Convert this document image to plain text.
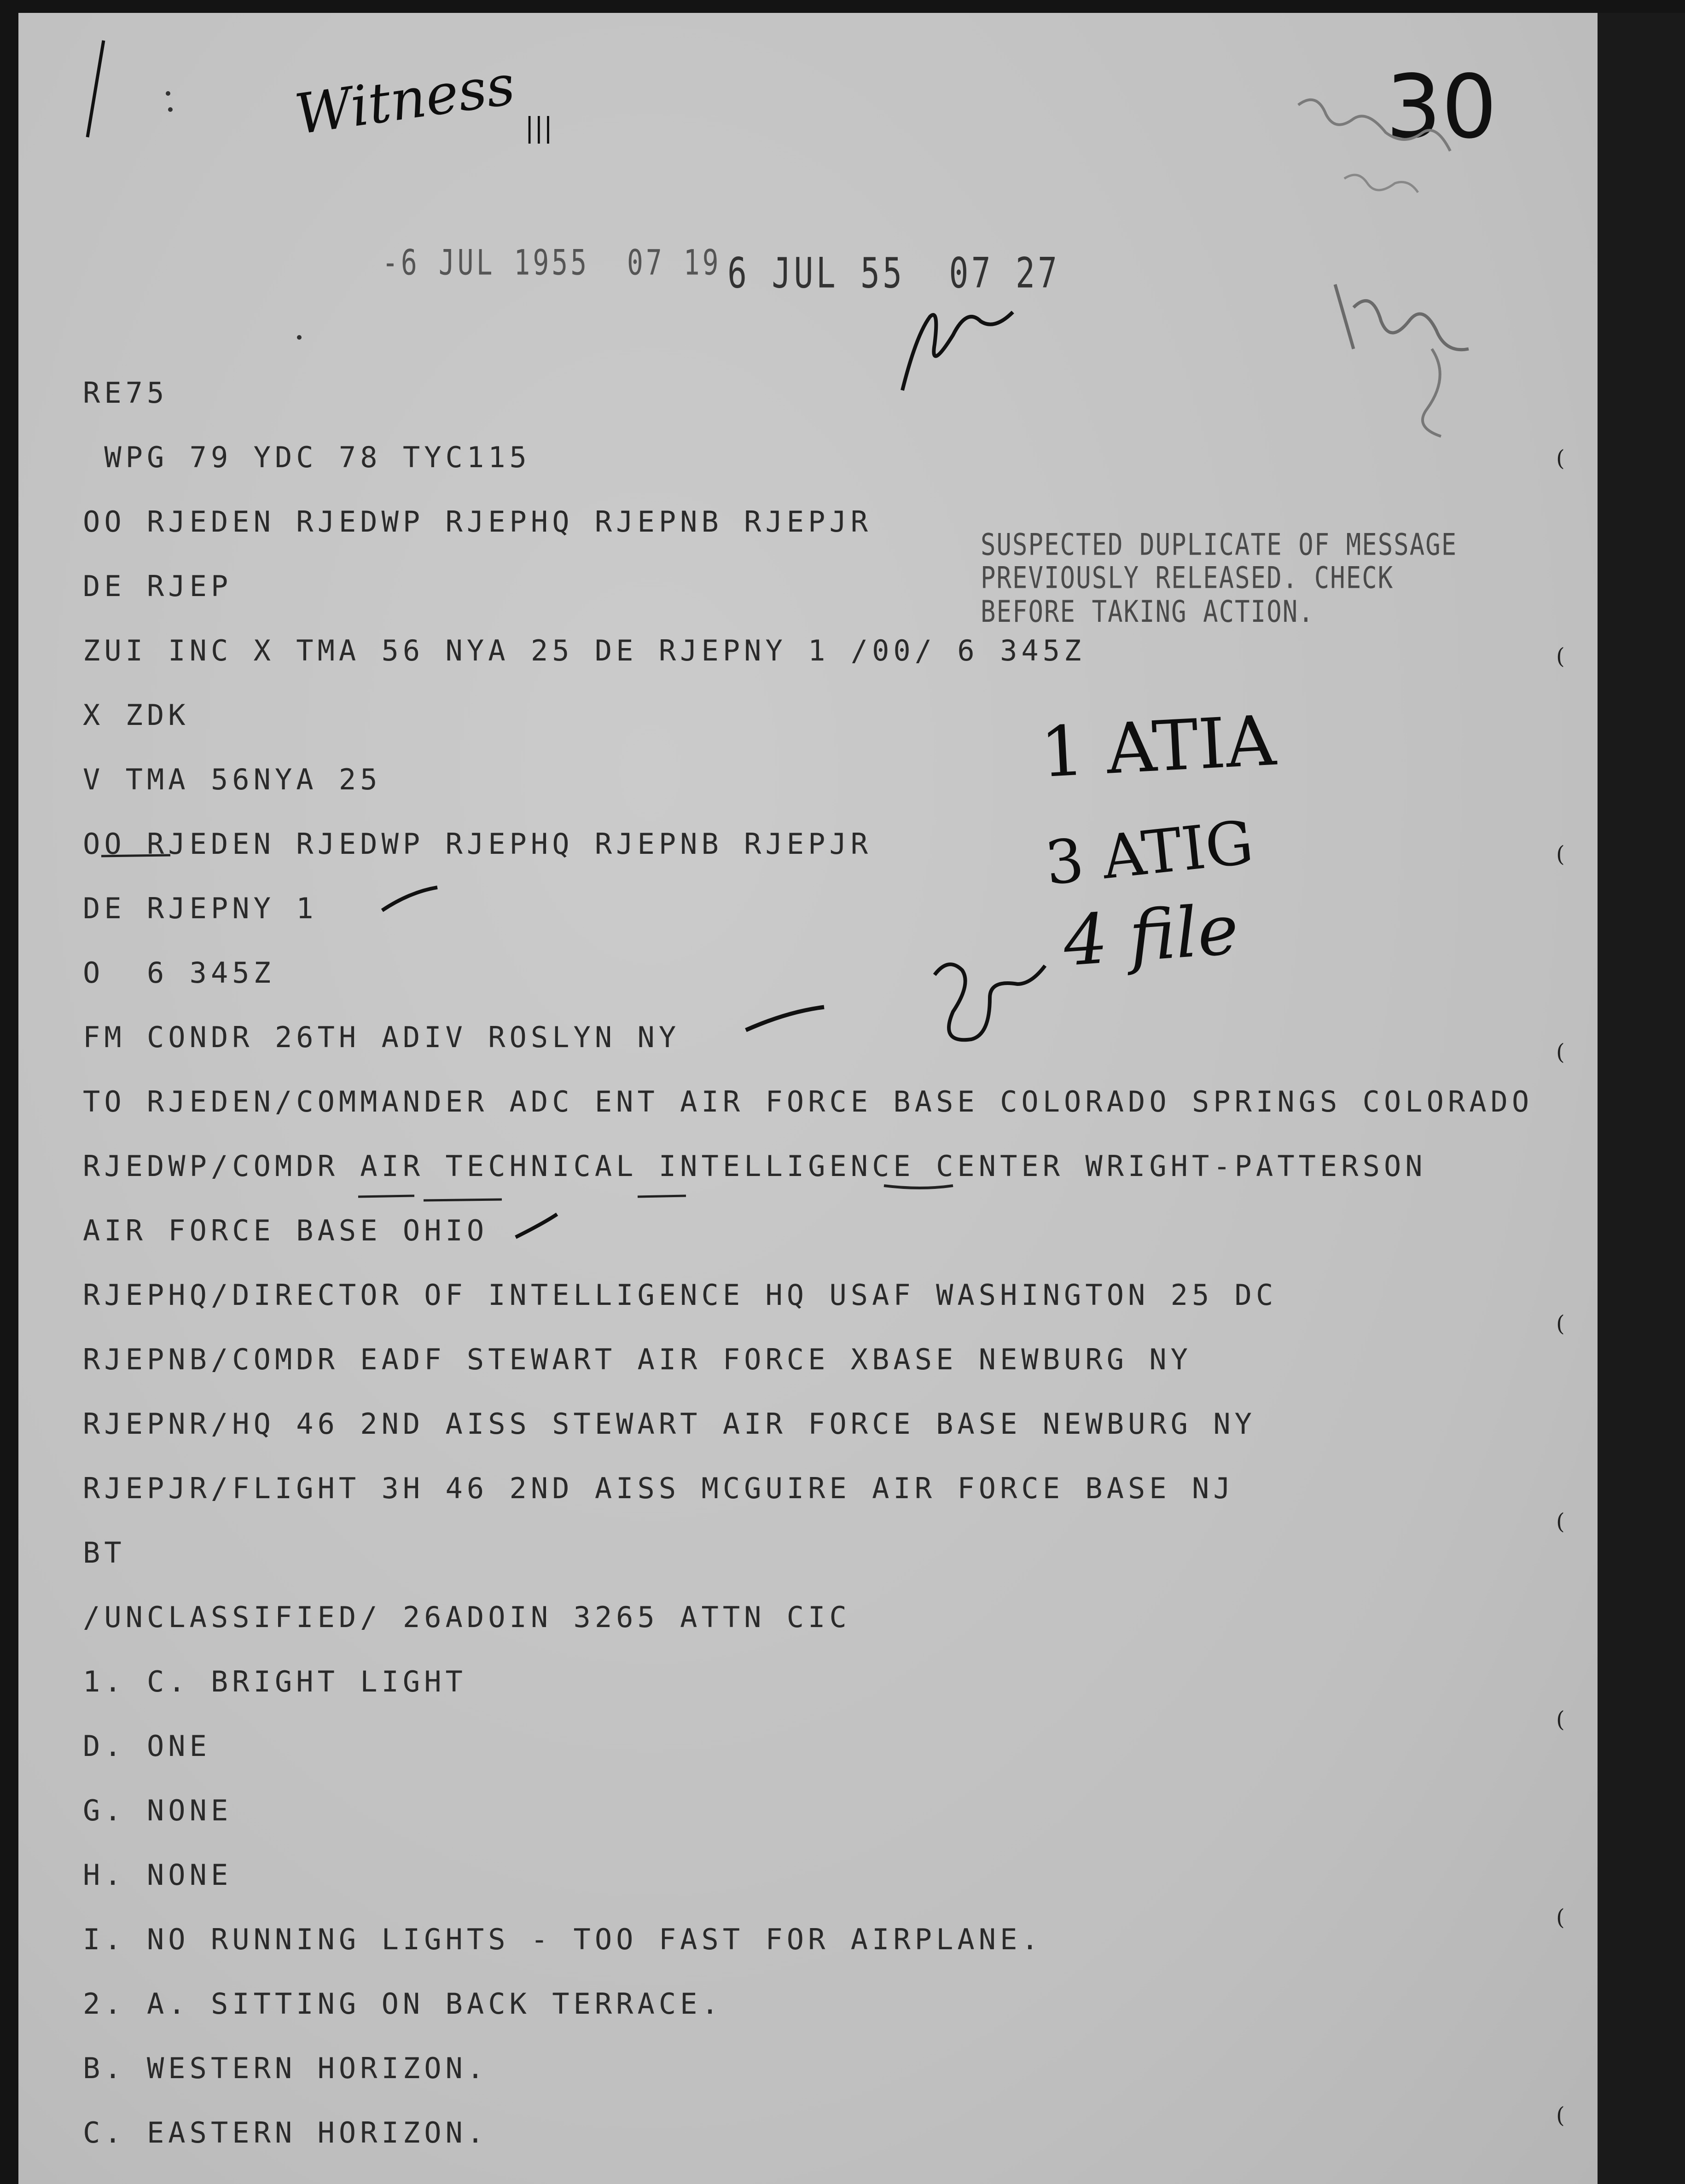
Witness |||	30
-6 JUL 1955  07 19 6 JUL 55  07 27
SUSPECTED DUPLICATE OF MESSAGE
PREVIOUSLY RELEASED. CHECK
BEFORE TAKING ACTION.
1 ATIA
3 ATIG
4 file
RE75
WPG 79 YDC 78 TYC115
OO RJEDEN RJEDWP RJEPHQ RJEPNB RJEPJR
DE RJEP
ZUI INC X TMA 56 NYA 25 DE RJEPNY 1 /00/ 6 345Z
X ZDK
V TMA 56NYA 25
OO RJEDEN RJEDWP RJEPHQ RJEPNB RJEPJR
DE RJEPNY 1
O  6 345Z
FM CONDR 26TH ADIV ROSLYN NY
TO RJEDEN/COMMANDER ADC ENT AIR FORCE BASE COLORADO SPRINGS COLORADO
RJEDWP/COMDR AIR TECHNICAL INTELLIGENCE CENTER WRIGHT-PATTERSON
AIR FORCE BASE OHIO
RJEPHQ/DIRECTOR OF INTELLIGENCE HQ USAF WASHINGTON 25 DC
RJEPNB/COMDR EADF STEWART AIR FORCE XBASE NEWBURG NY
RJEPNR/HQ 46 2ND AISS STEWART AIR FORCE BASE NEWBURG NY
RJEPJR/FLIGHT 3H 46 2ND AISS MCGUIRE AIR FORCE BASE NJ
BT
/UNCLASSIFIED/ 26ADOIN 3265 ATTN CIC
1. C. BRIGHT LIGHT
D. ONE
G. NONE
H. NONE
I. NO RUNNING LIGHTS - TOO FAST FOR AIRPLANE.
2. A. SITTING ON BACK TERRACE.
B. WESTERN HORIZON.
C. EASTERN HORIZON.
(
(
(
(
(
(
(
(
(
